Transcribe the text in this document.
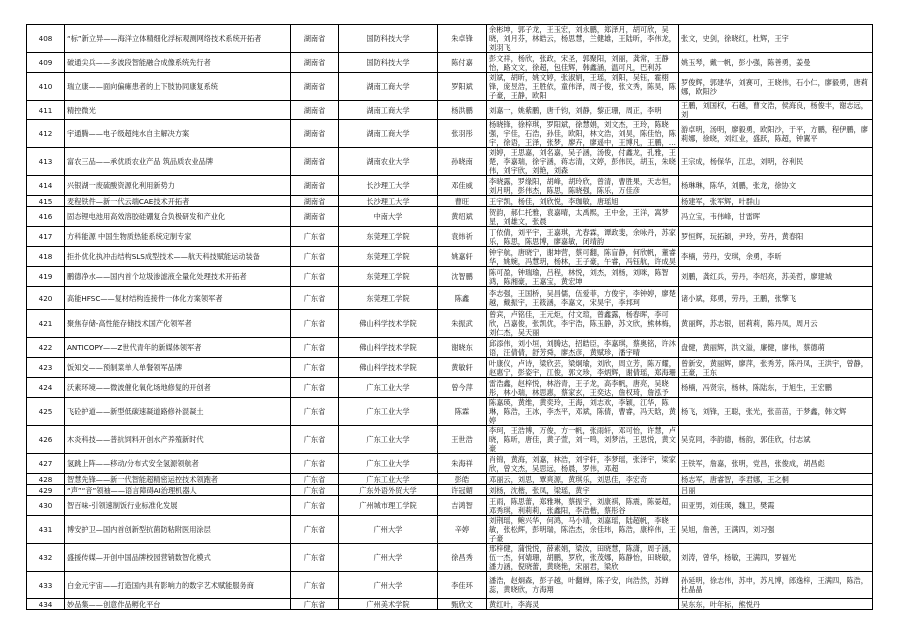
408	“标”新立异——海洋立体精细化浮标观测网络技术系统开拓者	湖南省	国防科技大学	朱卓锋	余彬坤，郭子龙，王玉宏，刘永鹏，郑泽月，胡可欣，吴晓，刘月芬，林皓云，杨思慧，兰健雄，王陆昕，李伟龙，刘羽飞	张文，史剑，徐晓红，杜辉，王宇

409	破通尖兵——多波段智能融合成像系统先行者	湖南省	国防科技大学	陈付嘉	彭文祥，杨欣，张政，宋圣，郭聚阳，刘丽，龚常，王静怡，路文文，徐超，包佳辉，韩鑫涵，温可凡，巴利苏	姚玉琴，戴一帆，彭小强，陈善勇，姜曼

410	瑞立康——面向偏瘫患者的上下肢协同康复系统	湖南省	湖南工商大学	罗阳斌	刘斌，胡昕，姚文婷，张淑娟，王瑶，刘阳，吴钰，霍栩锋，庞昱浩，王胜依，童伟泽，周子俊，张文秀，陈昊，陈子豪，王静，欧阳	罗俊辉，郭建华，刘赛可，王晓伟，石小仁，廖毅勇，唐莉娜，欧阳沙

411	精控微光	湖南省	湖南工商大学	杨洪鹏	刘嘉一，姚紫鹏，唐千钧，刘静，黎正珊，周正，李明	王鹏，刘国权，石越，曹文浩，侯海良，杨俊丰，谢志远，刘

412	宇通腾——电子级超纯水自主解决方案	湖南省	湖南工商大学	张羽彤	杨晓锋，徐梓琪，罗阳斌，徐慧娟，刘文杰，王玲，陈晓强，宇佳，石浩，孙佳，欧阳，林文浩，刘昊，陈佳怡，陈宇，徐语，王泽，张梦，廖卉，廖遥中，王博凡，王鹏，王	游卓明，汤明，廖毅勇，欧阳沙，于平，方鹏，程伊鹏，廖莉娜，徐晓，刘红业，盛跃，陈超，钟翼平

413	富农三品——承优质农业产品 筑品质农业品牌	湖南省	湖南农业大学	孙晓南	刘婷，王思嘉，刘名嘉，吴子涵，汤俊，付鑫龙，孔雅，王楚，李嘉瑞，徐宇涵，蒋志清，文婷，彭伟民，胡玉，朱晓伟，刘宇欣，刘艳，刘森	王宗成，杨保华，江忠，刘明，谷利民

414	兴银湖一废硫酸资源化利用新势力	湖南省	长沙理工大学	邓佳威	李晓露，罗缘阳，胡峰，胡玲欣，曾清，曹胜果，天志恒，刘月明，彭伟杰，陈思，陈晓强，陈乐，万佳彦	杨琳琳，陈华，刘鹏，张龙，徐协文

415	麦程铁件—新一代云端CAE技术开拓者	湖南省	长沙理工大学	曹旺	王宇凯，杨佳，刘欣悦，李珈敏，唐瑶旭	杨建军，张军辉，叶群山

416	固态锂电池用高效溶胶硅硼复合负极研发和产业化	湖南省	中南大学	黄绍斌	贺韵，郝仁托雅，袁嘉晴，太禹熙，王中金，王洋，嵩梦星，刘雄文，张晨	冯立宝，韦伟峰，甘雷晖

417	方科能源 中国生物质热能系统定制专家	广东省	东莞理工学院	袁炜祈	丁依倩，刘平宇，王嘉琪，尤春霖，谭政斐，余咏丹，苏家乐，陈思，陈思博，廖嘉敏，闭靖韵	罗恒辉，玩拓颖，尹玲，劳丹，黄春阳

418	拒扑优化执冲击结构SLS成型技术——航天科技赋能运动装备	广东省	东莞理工学院	姚嘉轩	钟宇航，唐晓宁，谢坤营，蔡可翻，陈盲静，何欣帆，董睿华，姚婉，冯慧玥，杨林，王子豪，午睿，冯钰航，许成昊	李楠，劳丹，安琪，余勇，李昕

419	鹏德净水——国内首个垃圾渗滤液全量化处理技术开拓者	广东省	东莞理工学院	沈智鹏	陈可盈，钟瑞瑜，吕程，林悦，刘杰，刘杨，刘咪，陈智鸿，陈湘豪，王嘉宝，黄宏坤	刘鹏，龚红兵，劳丹，李绍亮，苏美哲，廖建城

420	高能HFSC——复材结构连接件一体化方案领军者	广东省	东莞理工学院	陈鑫	李志强，王国桥，吴昌儒，伍爱菲，方俊宇，李钟婷，廖楚越，戴振宇，王筱涵，李嘉文，宋昊宇，李邦珂	诸小斌，郑勇，劳丹，王鹏，张擎飞

421	聚焦存储-高性能存储技术国产化领军者	广东省	佛山科学技术学院	朱振武	曾宾，卢铭佳，王元炬，付文瑄，曾鑫露，杨春晖，李可欣，吕嘉俊，张凯优，李宇浩，陈玉静，苏文欣，熊林梅，刘仁杰，吴天丽	黄丽辉，苏志银，屈莉莉，陈丹凤，周月云

422	ANTICOPY——Z世代青年的新媒体领军者	广东省	佛山科学技术学院	谢晓东	邱添伟，刘小垣，刘腾达，招皓臣，李嘉琪，蔡奥铭，许沐语，汪倩倩，舒芳舜，廖杰彦，黄赋珍，潘宇晴	盘健，黄丽辉，洪文溢，廉健，廖伟，蔡德萌

423	饭知交——预制菜单人单餐领军品牌	广东省	佛山科学技术学院	黄敏轩	叶康仪，卢诗，梁欣芸，梁炯瑜，刘欣，周立芳，陈万耀，赵惠宁，彭姿宇，江俊，郭文珍，李炳辉，谢倩瑶，郑海珊	曾新安，黄丽辉，廖萍，张秀芳，陈丹凤，王洪宇，曾静，王豪，王东

424	沃素环境——微波催化氧化场地修复的开创者	广东省	广东工业大学	曾今萍	雷浩鑫，赵梓悦，林浴青，王子龙，高李帆，唐亮，吴晓彤，林小瑞，林思惠，蔡家玄，王奕达，詹权琦，詹泓予	杨楠，冯贤宗，杨林，陈陆东，于旭生，王宏鹏

425	飞砼护道——新型低碳速凝道路修补混凝土	广东省	广东工业大学	陈霖	陈嘉瑛，黄维，黄奕玲，王海，刘志欢，李颖，江华，陈琳，陈浩，王冰，李杰平，邓斌，陈倩，曹睿，冯天晗，黄婷	杨飞，刘锋，王聪，张光，张苗苗，于梦鑫，韩文辉

426	木炎科技——普抗饲料开创水产养殖新时代	广东省	广东工业大学	王世浩	李珂，王浩博，万俊，方一帆，张雨轩，邓可怡，许慧，卢晓，陈昕，唐佳，黄子萱，刘一鸣，刘梦洁，王思悦，黄文豪	吴克同，李韵德，杨韵，郭佳欣，付志斌

427	氢跳上阵——移动/分布式安全氢源领航者	广东省	广东工业大学	朱海祥	肖锦，黄海，刘嘉，林浩，刘宇轩，李梦瑶，张泽宇，梁家欣，曾文杰，吴思远，杨晨，罗伟，邓超	王铁军，詹嘉，张明，党昌，张俊成，胡昌彪

428	智慧先锋——新一代智能超精密运控技术领跑者	广东省	广东工业大学	彭皓	邓丽云，刘思，覃爽源，黄琪乐，刘思佳，李宏奇	杨志军，唐睿智，李君娜，王之桐

429	“声”“音”领袖——语言障碍AI治理机器人	广东省	广东外语外贸大学	许冠媚	刘杨，沈楷，张凤，梁瑶，黄宇	吕丽

430	智百味-引领速制饭行业标准化发展	广东省	广州城市理工学院	吉鸿智	王雨，陈思蕾，郑雅琳，蔡振宇，刘康祺，陈震，陈晏超，邓秀琪，利莉莉，张鑫阳，李浩楷，蔡彤谷	田亚男，刘佳瑛，魏卫，樊霞

431	博安护卫—国内首创新型抗菌防粘附医用涂层	广东省	广州大学	辛婷	刘荆瑶，鲍兴华，何鸿，马小靖，刘嘉瑶，陆超帆，李晓敏，张松辉，彭明瑞，陈浩杰，余佳玮，陈浩，康梓伟，王子豪	吴旭，詹善，王满四，刘习强

432	盛援传媒—开创中国品牌校园营销数智化模式	广东省	广州大学	徐昌秀	邢梓健，蒲悦悦，薛素娟，梁汝，田晓慧，陈潇，周子涵，伍一杰，何婧珊，胡鹏，罗欣，张茂娜，陈静怡，田晓敏，潘力涵，倪晓蕾，黄晓艳，宋丽君，梁欣	刘涛，曾华，杨敏，王满四，罗福光

433	白金元宇宙——打造国内具有影响力的数字艺术赋能服务商	广东省	广州大学	李佳环	潘浩，赵炯森，彭子越，叶翻婵，陈子安，向浩然，苏婵蕊，黄晓欣，方海翔	孙延明，徐志伟，苏申，苏凡博，郎逸梓，王满四，陈浩，杜晶晶

434	妙品集——创意作品孵化平台	广东省	广州美术学院	甄欣文	黄红叶，李海灵	吴东东，叶年标，熊悦丹
